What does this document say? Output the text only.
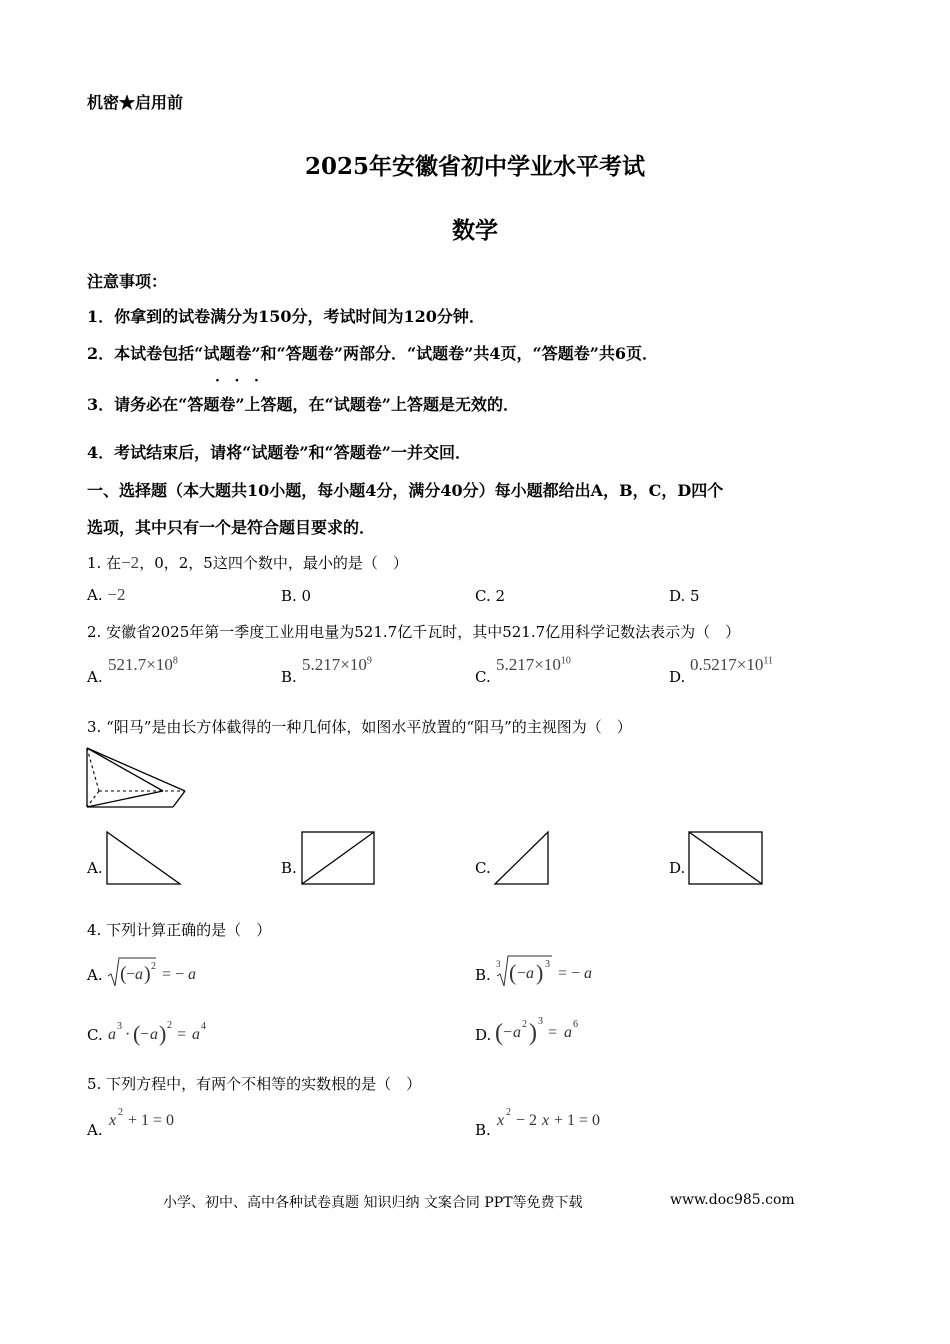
机密★启用前
2025年安徽省初中学业水平考试
数学
注意事项：
1．你拿到的试卷满分为150分，考试时间为120分钟．
2．本试卷包括“试题卷”和“答题卷”两部分．“试题卷”共4页，“答题卷”共6页．
·   ·   ·
3．请务必在“答题卷”上答题，在“试题卷”上答题是无效的．
4．考试结束后，请将“试题卷”和“答题卷”一并交回．
一、选择题（本大题共10小题，每小题4分，满分40分）每小题都给出A，B，C，D四个
选项，其中只有一个是符合题目要求的．
1. 在−2，0，2，5这四个数中，最小的是（　）
A. −2	B. 0	C. 2	D. 5
2. 安徽省2025年第一季度工业用电量为521.7亿千瓦时，其中521.7亿用科学记数法表示为（　）
A.
$521.7\times 10^8$
B.
$5.217\times 10^9$
C.
$5.217\times 10^{10}$
D.
$0.5217\times 10^{11}$
3. “阳马”是由长方体截得的一种几何体，如图水平放置的“阳马”的主视图为（　）
A.	B.	C.	D.
4. 下列计算正确的是（　）
A. ( − a ) 2 = − a	B.
3 ( − a ) 3
= − a
C. a 3 · ( − a ) 2
= a 4	D. ( − a 2 ) 3
= a 6
5. 下列方程中，有两个不相等的实数根的是（　）
A.
x 2 + 1 = 0
B.
x 2 − 2 x + 1 = 0
小学、初中、高中各种试卷真题 知识归纳 文案合同 PPT等免费下载	www.doc985.com
